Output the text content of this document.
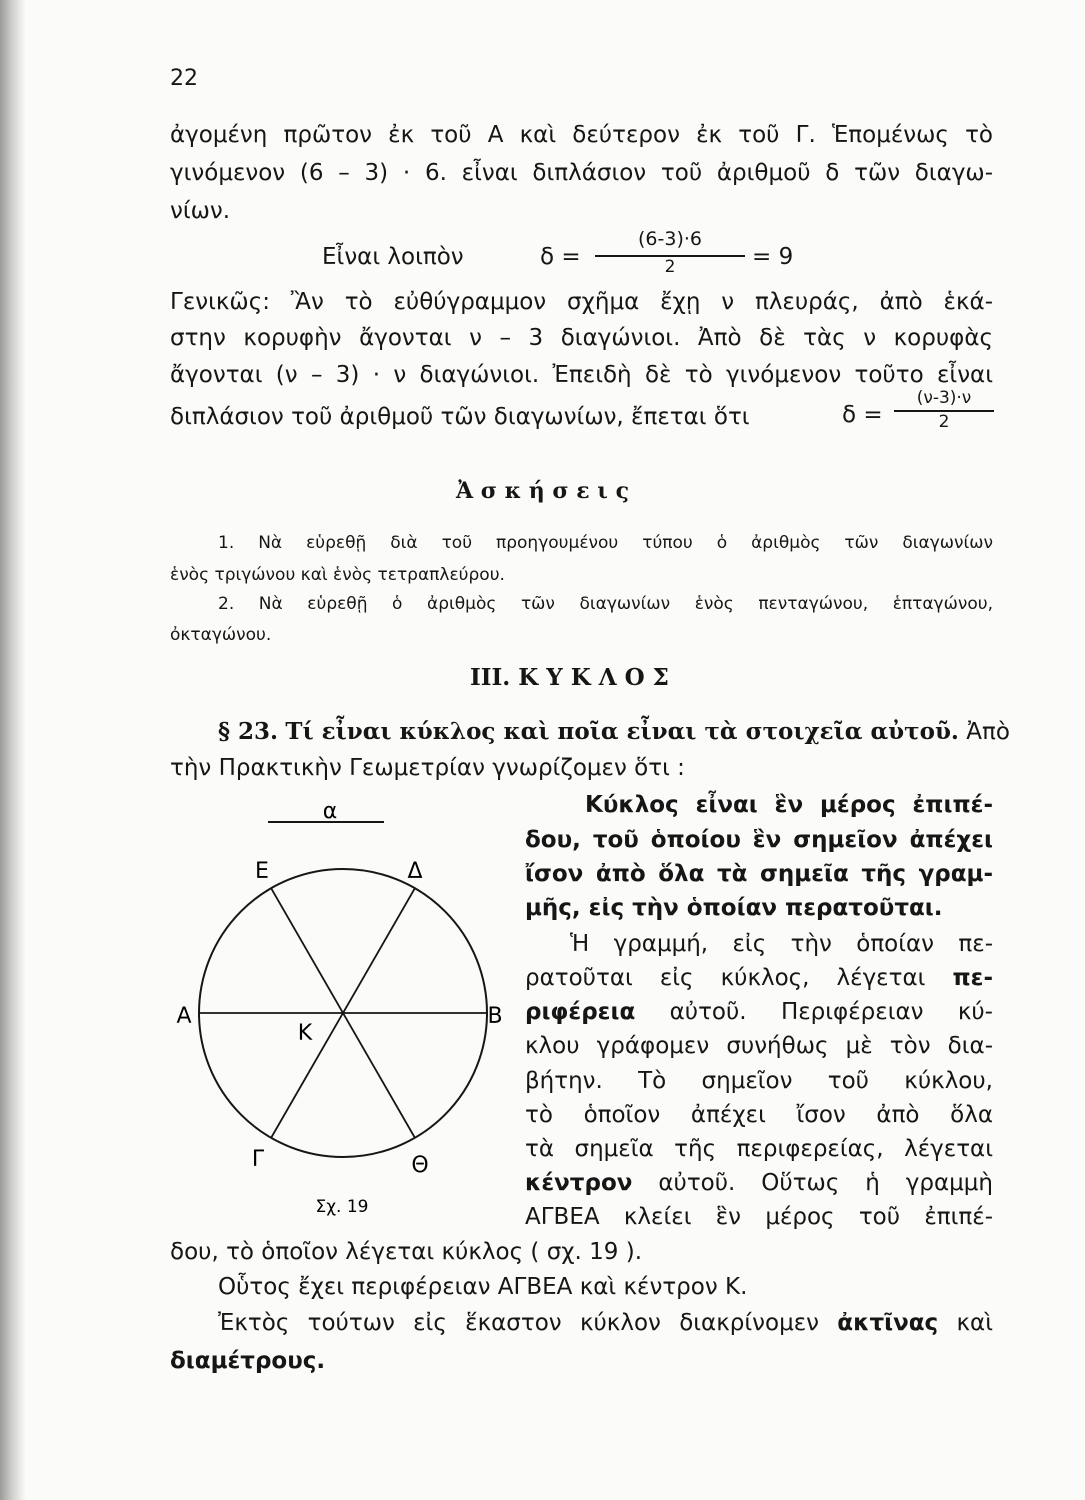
22
ἀγομένη πρῶτον ἐκ τοῦ Α καὶ δεύτερον ἐκ τοῦ Γ. Ἑπομένως τὸ
γινόμενον (6 – 3) · 6. εἶναι διπλάσιον τοῦ ἀριθμοῦ δ τῶν διαγω-
νίων.
Εἶναι λοιπὸν	δ =
(6-3)·6
2	= 9
Γενικῶς: Ἂν τὸ εὐθύγραμμον σχῆμα ἔχῃ ν πλευράς, ἀπὸ ἑκά-
στην κορυφὴν ἄγονται ν – 3 διαγώνιοι. Ἀπὸ δὲ τὰς ν κορυφὰς
ἄγονται (ν – 3) · ν διαγώνιοι. Ἐπειδὴ δὲ τὸ γινόμενον τοῦτο εἶναι
διπλάσιον τοῦ ἀριθμοῦ τῶν διαγωνίων, ἔπεται ὅτι	δ =
(ν-3)·ν
2
Ἀ σ κ ή σ ε ι ς
1. Νὰ εὑρεθῇ διὰ τοῦ προηγουμένου τύπου ὁ ἀριθμὸς τῶν διαγωνίων
ἑνὸς τριγώνου καὶ ἑνὸς τετραπλεύρου.
2. Νὰ εὑρεθῇ ὁ ἀριθμὸς τῶν διαγωνίων ἑνὸς πενταγώνου, ἑπταγώνου,
ὀκταγώνου.
III. Κ Υ Κ Λ Ο Σ
§ 23. Τί εἶναι κύκλος καὶ ποῖα εἶναι τὰ στοιχεῖα αὐτοῦ. Ἀπὸ
τὴν Πρακτικὴν Γεωμετρίαν γνωρίζομεν ὅτι :
Κύκλος εἶναι ἓν μέρος ἐπιπέ-
δου, τοῦ ὁποίου ἓν σημεῖον ἀπέχει
ἴσον ἀπὸ ὅλα τὰ σημεῖα τῆς γραμ-
μῆς, εἰς τὴν ὁποίαν περατοῦται.
Ἡ γραμμή, εἰς τὴν ὁποίαν πε-
ρατοῦται εἰς κύκλος, λέγεται πε-
ριφέρεια αὐτοῦ. Περιφέρειαν κύ-
κλου γράφομεν συνήθως μὲ τὸν δια-
βήτην. Τὸ σημεῖον τοῦ κύκλου,
τὸ ὁποῖον ἀπέχει ἴσον ἀπὸ ὅλα
τὰ σημεῖα τῆς περιφερείας, λέγεται
κέντρον αὐτοῦ. Οὕτως ἡ γραμμὴ
ΑΓΒΕΑ κλείει ἓν μέρος τοῦ ἐπιπέ-
δου, τὸ ὁποῖον λέγεται κύκλος ( σχ. 19 ).
Οὗτος ἔχει περιφέρειαν ΑΓΒΕΑ καὶ κέντρον Κ.
Ἐκτὸς τούτων εἰς ἕκαστον κύκλον διακρίνομεν ἀκτῖνας καὶ
διαμέτρους.
α
Ε	Δ
Α
Κ
Β
Γ	Θ
Σχ. 19
